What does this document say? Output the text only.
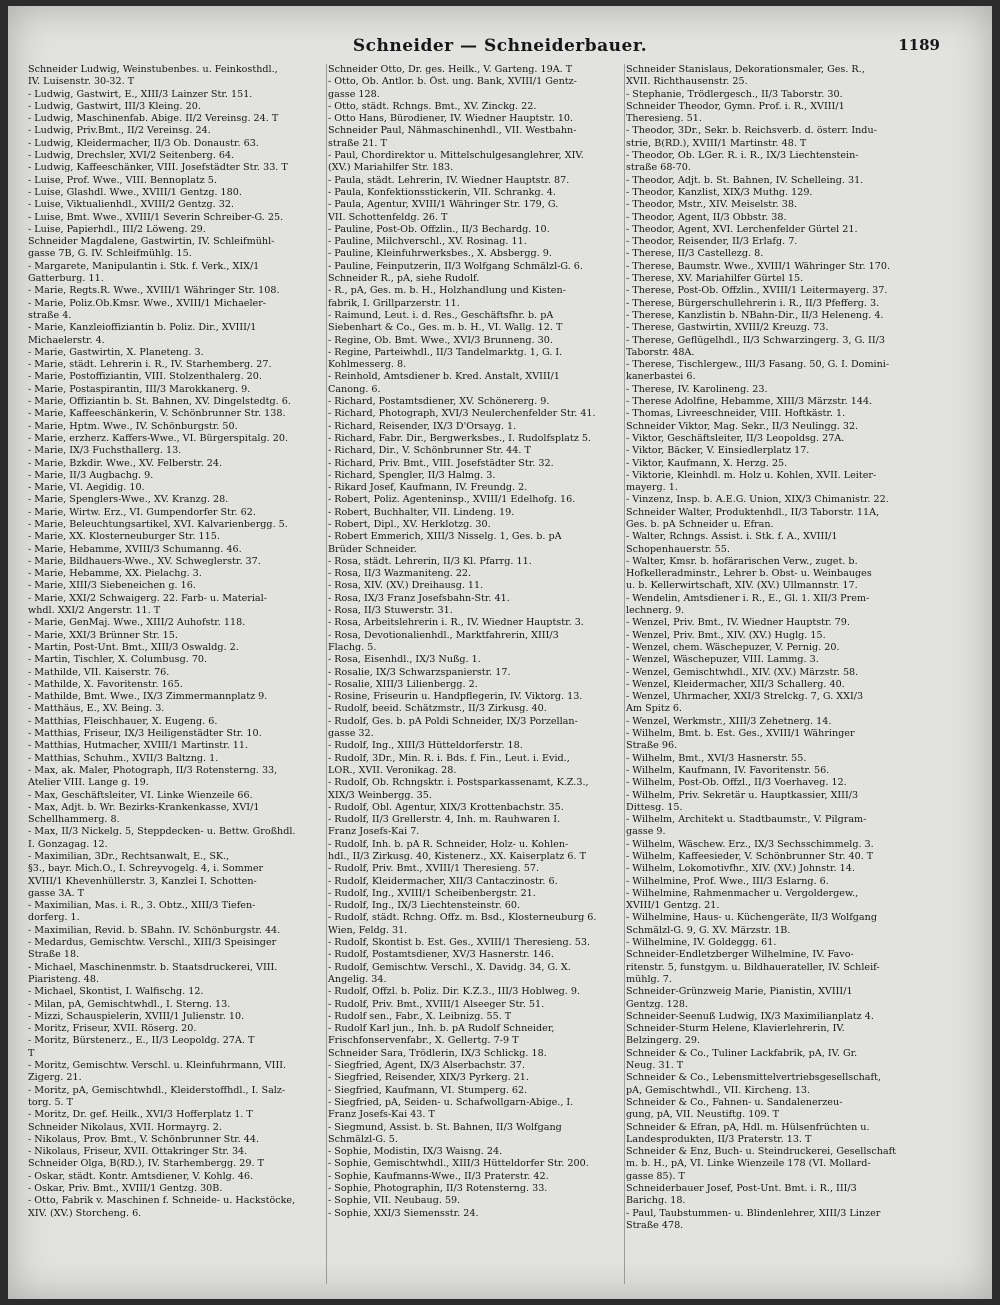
Schneider — Schneiderbauer.	1189

Schneider Ludwig, Weinstubenbes. u. Feinkosthdl.,

IV. Luisenstr. 30-32. T

- Ludwig, Gastwirt, E., XIII/3 Lainzer Str. 151.

- Ludwig, Gastwirt, III/3 Kleing. 20.

- Ludwig, Maschinenfab. Abige. II/2 Vereinsg. 24. T

- Ludwig, Priv.Bmt., II/2 Vereinsg. 24.

- Ludwig, Kleidermacher, II/3 Ob. Donaustr. 63.

- Ludwig, Drechsler, XVI/2 Seitenberg. 64.

- Ludwig, Kaffeeschänker, VIII. Josefstädter Str. 33. T

- Luise, Prof. Wwe., VIII. Bennoplatz 5.

- Luise, Glashdl. Wwe., XVIII/1 Gentzg. 180.

- Luise, Viktualienhdl., XVIII/2 Gentzg. 32.

- Luise, Bmt. Wwe., XVIII/1 Severin Schreiber-G. 25.

- Luise, Papierhdl., III/2 Löweng. 29.

Schneider Magdalene, Gastwirtin, IV. Schleifmühl-

gasse 7B, G. IV. Schleifmühlg. 15.

- Margarete, Manipulantin i. Stk. f. Verk., XIX/1

Gatterburg. 11.

- Marie, Regts.R. Wwe., XVIII/1 Währinger Str. 108.

- Marie, Poliz.Ob.Kmsr. Wwe., XVIII/1 Michaeler-

straße 4.

- Marie, Kanzleioffiziantin b. Poliz. Dir., XVIII/1

Michaelerstr. 4.

- Marie, Gastwirtin, X. Planeteng. 3.

- Marie, städt. Lehrerin i. R., IV. Starhemberg. 27.

- Marie, Postoffiziantin, VIII. Stolzenthalerg. 20.

- Marie, Postaspirantin, III/3 Marokkanerg. 9.

- Marie, Offiziantin b. St. Bahnen, XV. Dingelstedtg. 6.

- Marie, Kaffeeschänkerin, V. Schönbrunner Str. 138.

- Marie, Hptm. Wwe., IV. Schönburgstr. 50.

- Marie, erzherz. Kaffers-Wwe., VI. Bürgerspitalg. 20.

- Marie, IX/3 Fuchsthallerg. 13.

- Marie, Bzkdir. Wwe., XV. Felberstr. 24.

- Marie, II/3 Augbachg. 9.

- Marie, VI. Aegidig. 10.

- Marie, Spenglers-Wwe., XV. Kranzg. 28.

- Marie, Wirtw. Erz., VI. Gumpendorfer Str. 62.

- Marie, Beleuchtungsartikel, XVI. Kalvarienbergg. 5.

- Marie, XX. Klosterneuburger Str. 115.

- Marie, Hebamme, XVIII/3 Schumanng. 46.

- Marie, Bildhauers-Wwe., XV. Schweglerstr. 37.

- Marie, Hebamme, XX. Pielachg. 3.

- Marie, XIII/3 Siebeneichen g. 16.

- Marie, XXI/2 Schwaigerg. 22. Farb- u. Material-

whdl. XXI/2 Angerstr. 11. T

- Marie, GenMaj. Wwe., XIII/2 Auhofstr. 118.

- Marie, XXI/3 Brünner Str. 15.

- Martin, Post-Unt. Bmt., XIII/3 Oswaldg. 2.

- Martin, Tischler, X. Columbusg. 70.

- Mathilde, VII. Kaiserstr. 76.

- Mathilde, X. Favoritenstr. 165.

- Mathilde, Bmt. Wwe., IX/3 Zimmermannplatz 9.

- Matthäus, E., XV. Being. 3.

- Matthias, Fleischhauer, X. Eugeng. 6.

- Matthias, Friseur, IX/3 Heiligenstädter Str. 10.

- Matthias, Hutmacher, XVIII/1 Martinstr. 11.

- Matthias, Schuhm., XVII/3 Baltzng. 1.

- Max, ak. Maler, Photograph, II/3 Rotensterng. 33,

Atelier VIII. Lange g. 19.

- Max, Geschäftsleiter, VI. Linke Wienzeile 66.

- Max, Adjt. b. Wr. Bezirks-Krankenkasse, XVI/1

Schellhammerg. 8.

- Max, II/3 Nickelg. 5, Steppdecken- u. Bettw. Großhdl.

I. Gonzagag. 12.

- Maximilian, 3Dr., Rechtsanwalt, E., SK.,

§3., bayr. Mich.O., I. Schreyvogelg. 4, i. Sommer

XVIII/1 Khevenhüllerstr. 3, Kanzlei I. Schotten-

gasse 3A. T

- Maximilian, Mas. i. R., 3. Obtz., XIII/3 Tiefen-

dorferg. 1.

- Maximilian, Revid. b. SBahn. IV. Schönburgstr. 44.

- Medardus, Gemischtw. Verschl., XIII/3 Speisinger

Straße 18.

- Michael, Maschinenmstr. b. Staatsdruckerei, VIII.

Piaristeng. 48.

- Michael, Skontist, I. Walfischg. 12.

- Milan, pA, Gemischtwhdl., I. Sterng. 13.

- Mizzi, Schauspielerin, XVIII/1 Julienstr. 10.

- Moritz, Friseur, XVII. Röserg. 20.

- Moritz, Bürstenerz., E., II/3 Leopoldg. 27A. T

T

- Moritz, Gemischtw. Verschl. u. Kleinfuhrmann, VIII.

Zigerg. 21.

- Moritz, pA, Gemischtwhdl., Kleiderstoffhdl., I. Salz-

torg. 5. T

- Moritz, Dr. gef. Heilk., XVI/3 Hofferplatz 1. T

Schneider Nikolaus, XVII. Hormayrg. 2.

- Nikolaus, Prov. Bmt., V. Schönbrunner Str. 44.

- Nikolaus, Friseur, XVII. Ottakringer Str. 34.

Schneider Olga, B(RD.), IV. Starhembergg. 29. T

- Oskar, städt. Kontr. Amtsdiener, V. Kohlg. 46.

- Oskar, Priv. Bmt., XVIII/1 Gentzg. 30B.

- Otto, Fabrik v. Maschinen f. Schneide- u. Hackstöcke,

XIV. (XV.) Storcheng. 6.

Schneider Otto, Dr. ges. Heilk., V. Garteng. 19A. T

- Otto, Ob. Antlor. b. Öst. ung. Bank, XVIII/1 Gentz-

gasse 128.

- Otto, städt. Rchngs. Bmt., XV. Zinckg. 22.

- Otto Hans, Bürodiener, IV. Wiedner Hauptstr. 10.

Schneider Paul, Nähmaschinenhdl., VII. Westbahn-

straße 21. T

- Paul, Chordirektor u. Mittelschulgesanglehrer, XIV.

(XV.) Mariahilfer Str. 183.

- Paula, städt. Lehrerin, IV. Wiedner Hauptstr. 87.

- Paula, Konfektionsstickerin, VII. Schrankg. 4.

- Paula, Agentur, XVIII/1 Währinger Str. 179, G.

VII. Schottenfeldg. 26. T

- Pauline, Post-Ob. Offzlin., II/3 Bechardg. 10.

- Pauline, Milchverschl., XV. Rosinag. 11.

- Pauline, Kleinfuhrwerksbes., X. Absbergg. 9.

- Pauline, Feinputzerin, II/3 Wolfgang Schmälzl-G. 6.

Schneider R., pA, siehe Rudolf.

- R., pA, Ges. m. b. H., Holzhandlung und Kisten-

fabrik, I. Grillparzerstr. 11.

- Raimund, Leut. i. d. Res., Geschäftsfhr. b. pA

Siebenhart & Co., Ges. m. b. H., VI. Wallg. 12. T

- Regine, Ob. Bmt. Wwe., XVI/3 Brunneng. 30.

- Regine, Parteiwhdl., II/3 Tandelmarktg. 1, G. I.

Kohlmesserg. 8.

- Reinhold, Amtsdiener b. Kred. Anstalt, XVIII/1

Canong. 6.

- Richard, Postamtsdiener, XV. Schönererg. 9.

- Richard, Photograph, XVI/3 Neulerchenfelder Str. 41.

- Richard, Reisender, IX/3 D'Orsayg. 1.

- Richard, Fabr. Dir., Bergwerksbes., I. Rudolfsplatz 5.

- Richard, Dir., V. Schönbrunner Str. 44. T

- Richard, Priv. Bmt., VIII. Josefstädter Str. 32.

- Richard, Spengler, II/3 Halmg. 3.

- Rikard Josef, Kaufmann, IV. Freundg. 2.

- Robert, Poliz. Agenteninsp., XVIII/1 Edelhofg. 16.

- Robert, Buchhalter, VII. Lindeng. 19.

- Robert, Dipl., XV. Herklotzg. 30.

- Robert Emmerich, XIII/3 Nisselg. 1, Ges. b. pA

Brüder Schneider.

- Rosa, städt. Lehrerin, II/3 Kl. Pfarrg. 11.

- Rosa, II/3 Wazmaniteng. 22.

- Rosa, XIV. (XV.) Dreihausg. 11.

- Rosa, IX/3 Franz Josefsbahn-Str. 41.

- Rosa, II/3 Stuwerstr. 31.

- Rosa, Arbeitslehrerin i. R., IV. Wiedner Hauptstr. 3.

- Rosa, Devotionalienhdl., Marktfahrerin, XIII/3

Flachg. 5.

- Rosa, Eisenhdl., IX/3 Nußg. 1.

- Rosalie, IX/3 Schwarzspanierstr. 17.

- Rosalie, XIII/3 Lilienbergg. 2.

- Rosine, Friseurin u. Handpflegerin, IV. Viktorg. 13.

- Rudolf, beeid. Schätzmstr., II/3 Zirkusg. 40.

- Rudolf, Ges. b. pA Poldi Schneider, IX/3 Porzellan-

gasse 32.

- Rudolf, Ing., XIII/3 Hütteldorferstr. 18.

- Rudolf, 3Dr., Min. R. i. Bds. f. Fin., Leut. i. Evid.,

LOR., XVII. Veronikag. 28.

- Rudolf, Ob. Rchngsktr. i. Postsparkassenamt, K.Z.3.,

XIX/3 Weinbergg. 35.

- Rudolf, Obl. Agentur, XIX/3 Krottenbachstr. 35.

- Rudolf, II/3 Grellerstr. 4, Inh. m. Rauhwaren I.

Franz Josefs-Kai 7.

- Rudolf, Inh. b. pA R. Schneider, Holz- u. Kohlen-

hdl., II/3 Zirkusg. 40, Kistenerz., XX. Kaiserplatz 6. T

- Rudolf, Priv. Bmt., XVIII/1 Theresieng. 57.

- Rudolf, Kleidermacher, XII/3 Cantaczinostr. 6.

- Rudolf, Ing., XVIII/1 Scheibenbergstr. 21.

- Rudolf, Ing., IX/3 Liechtensteinstr. 60.

- Rudolf, städt. Rchng. Offz. m. Bsd., Klosterneuburg 6.

Wien, Feldg. 31.

- Rudolf, Skontist b. Est. Ges., XVIII/1 Theresieng. 53.

- Rudolf, Postamtsdiener, XV/3 Hasnerstr. 146.

- Rudolf, Gemischtw. Verschl., X. Davidg. 34, G. X.

Angelig. 34.

- Rudolf, Offzl. b. Poliz. Dir. K.Z.3., III/3 Hoblweg. 9.

- Rudolf, Priv. Bmt., XVIII/1 Alseeger Str. 51.

- Rudolf sen., Fabr., X. Leibnizg. 55. T

- Rudolf Karl jun., Inh. b. pA Rudolf Schneider,

Frischfonservenfabr., X. Gellertg. 7-9 T

Schneider Sara, Trödlerin, IX/3 Schlickg. 18.

- Siegfried, Agent, IX/3 Alserbachstr. 37.

- Siegfried, Reisender, XIX/3 Pyrkerg. 21.

- Siegfried, Kaufmann, VI. Stumperg. 62.

- Siegfried, pA, Seiden- u. Schafwollgarn-Abige., I.

Franz Josefs-Kai 43. T

- Siegmund, Assist. b. St. Bahnen, II/3 Wolfgang

Schmälzl-G. 5.

- Sophie, Modistin, IX/3 Waisng. 24.

- Sophie, Gemischtwhdl., XIII/3 Hütteldorfer Str. 200.

- Sophie, Kaufmanns-Wwe., II/3 Praterstr. 42.

- Sophie, Photographin, II/3 Rotensterng. 33.

- Sophie, VII. Neubaug. 59.

- Sophie, XXI/3 Siemensstr. 24.

Schneider Stanislaus, Dekorationsmaler, Ges. R.,

XVII. Richthausenstr. 25.

- Stephanie, Trödlergesch., II/3 Taborstr. 30.

Schneider Theodor, Gymn. Prof. i. R., XVIII/1

Theresieng. 51.

- Theodor, 3Dr., Sekr. b. Reichsverb. d. österr. Indu-

strie, B(RD.), XVIII/1 Martinstr. 48. T

- Theodor, Ob. LGer. R. i. R., IX/3 Liechtenstein-

straße 68-70.

- Theodor, Adjt. b. St. Bahnen, IV. Schelleing. 31.

- Theodor, Kanzlist, XIX/3 Muthg. 129.

- Theodor, Mstr., XIV. Meiselstr. 38.

- Theodor, Agent, II/3 Obbstr. 38.

- Theodor, Agent, XVI. Lerchenfelder Gürtel 21.

- Theodor, Reisender, II/3 Erlafg. 7.

- Therese, II/3 Castellezg. 8.

- Therese, Baumstr. Wwe., XVIII/1 Währinger Str. 170.

- Therese, XV. Mariahilfer Gürtel 15.

- Therese, Post-Ob. Offzlin., XVIII/1 Leitermayerg. 37.

- Therese, Bürgerschullehrerin i. R., II/3 Pfefferg. 3.

- Therese, Kanzlistin b. NBahn-Dir., II/3 Heleneng. 4.

- Therese, Gastwirtin, XVIII/2 Kreuzg. 73.

- Therese, Geflügelhdl., II/3 Schwarzingerg. 3, G. II/3

Taborstr. 48A.

- Therese, Tischlergew., III/3 Fasang. 50, G. I. Domini-

kanerbastei 6.

- Therese, IV. Karolineng. 23.

- Therese Adolfine, Hebamme, XIII/3 Märzstr. 144.

- Thomas, Livreeschneider, VIII. Hoftkästr. 1.

Schneider Viktor, Mag. Sekr., II/3 Neulingg. 32.

- Viktor, Geschäftsleiter, II/3 Leopoldsg. 27A.

- Viktor, Bäcker, V. Einsiedlerplatz 17.

- Viktor, Kaufmann, X. Herzg. 25.

- Viktorie, Kleinhdl. m. Holz u. Kohlen, XVII. Leiter-

mayerg. 1.

- Vinzenz, Insp. b. A.E.G. Union, XIX/3 Chimanistr. 22.

Schneider Walter, Produktenhdl., II/3 Taborstr. 11A,

Ges. b. pA Schneider u. Efran.

- Walter, Rchngs. Assist. i. Stk. f. A., XVIII/1

Schopenhauerstr. 55.

- Walter, Kmsr. b. hofärarischen Verw., zuget. b.

Hofkelleradminstr., Lehrer b. Obst- u. Weinbauges

u. b. Kellerwirtschaft, XIV. (XV.) Ullmannstr. 17.

- Wendelin, Amtsdiener i. R., E., Gl. 1. XII/3 Prem-

lechnerg. 9.

- Wenzel, Priv. Bmt., IV. Wiedner Hauptstr. 79.

- Wenzel, Priv. Bmt., XIV. (XV.) Huglg. 15.

- Wenzel, chem. Wäschepuzer, V. Pernig. 20.

- Wenzel, Wäschepuzer, VIII. Lammg. 3.

- Wenzel, Gemischtwhdl., XIV. (XV.) Märzstr. 58.

- Wenzel, Kleidermacher, XII/3 Schallerg. 40.

- Wenzel, Uhrmacher, XXI/3 Strelckg. 7, G. XXI/3

Am Spitz 6.

- Wenzel, Werkmstr., XIII/3 Zehetnerg. 14.

- Wilhelm, Bmt. b. Est. Ges., XVIII/1 Währinger

Straße 96.

- Wilhelm, Bmt., XVI/3 Hasnerstr. 55.

- Wilhelm, Kaufmann, IV. Favoritenstr. 56.

- Wilhelm, Post-Ob. Offzl., II/3 Voerhaveg. 12.

- Wilhelm, Priv. Sekretär u. Hauptkassier, XIII/3

Dittesg. 15.

- Wilhelm, Architekt u. Stadtbaumstr., V. Pilgram-

gasse 9.

- Wilhelm, Wäschew. Erz., IX/3 Sechsschimmelg. 3.

- Wilhelm, Kaffeesieder, V. Schönbrunner Str. 40. T

- Wilhelm, Lokomotivfhr., XIV. (XV.) Johnstr. 14.

- Wilhelmine, Prof. Wwe., III/3 Eslarng. 6.

- Wilhelmine, Rahmenmacher u. Vergoldergew.,

XVIII/1 Gentzg. 21.

- Wilhelmine, Haus- u. Küchengeräte, II/3 Wolfgang

Schmälzl-G. 9, G. XV. Märzstr. 1B.

- Wilhelmine, IV. Goldeggg. 61.

Schneider-Endletzberger Wilhelmine, IV. Favo-

ritenstr. 5, funstgym. u. Bildhauerateller, IV. Schleif-

mühlg. 7.

Schneider-Grünzweig Marie, Pianistin, XVIII/1

Gentzg. 128.

Schneider-Seenuß Ludwig, IX/3 Maximilianplatz 4.

Schneider-Sturm Helene, Klavierlehrerin, IV.

Belzingerg. 29.

Schneider & Co., Tuliner Lackfabrik, pA, IV. Gr.

Neug. 31. T

Schneider & Co., Lebensmittelvertriebsgesellschaft,

pA, Gemischtwhdl., VII. Kircheng. 13.

Schneider & Co., Fahnen- u. Sandalenerzeu-

gung, pA, VII. Neustiftg. 109. T

Schneider & Efran, pA, Hdl. m. Hülsenfrüchten u.

Landesprodukten, II/3 Praterstr. 13. T

Schneider & Enz, Buch- u. Steindruckerei, Gesellschaft

m. b. H., pA, VI. Linke Wienzeile 178 (VI. Mollard-

gasse 85). T

Schneiderbauer Josef, Post-Unt. Bmt. i. R., III/3

Barichg. 18.

- Paul, Taubstummen- u. Blindenlehrer, XIII/3 Linzer

Straße 478.
